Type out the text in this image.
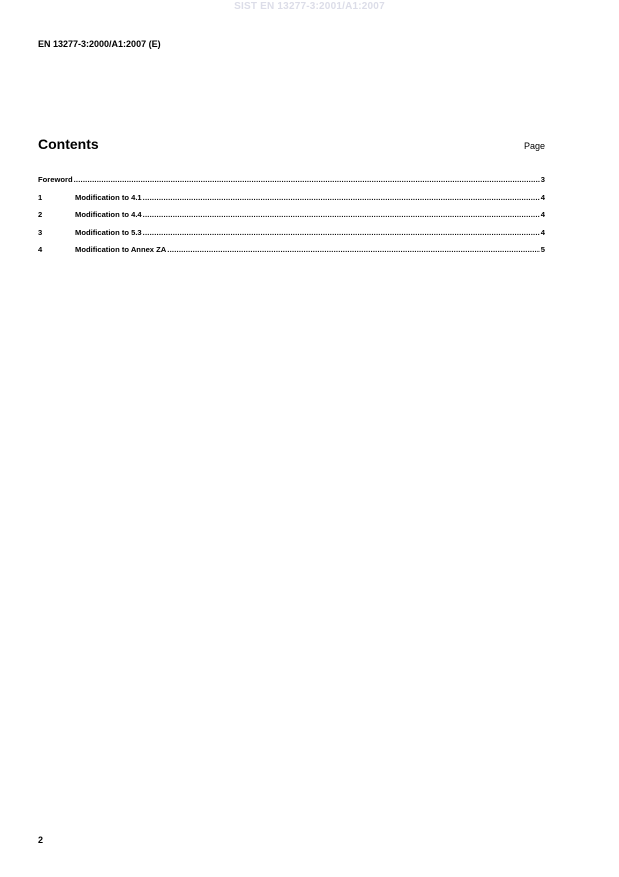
SIST EN 13277-3:2001/A1:2007
EN 13277-3:2000/A1:2007 (E)
Contents	Page
Foreword .....	3
1	Modification to 4.1 .....	4
2	Modification to 4.4 .....	4
3	Modification to 5.3 .....	4
4	Modification to Annex ZA .....	5
2
